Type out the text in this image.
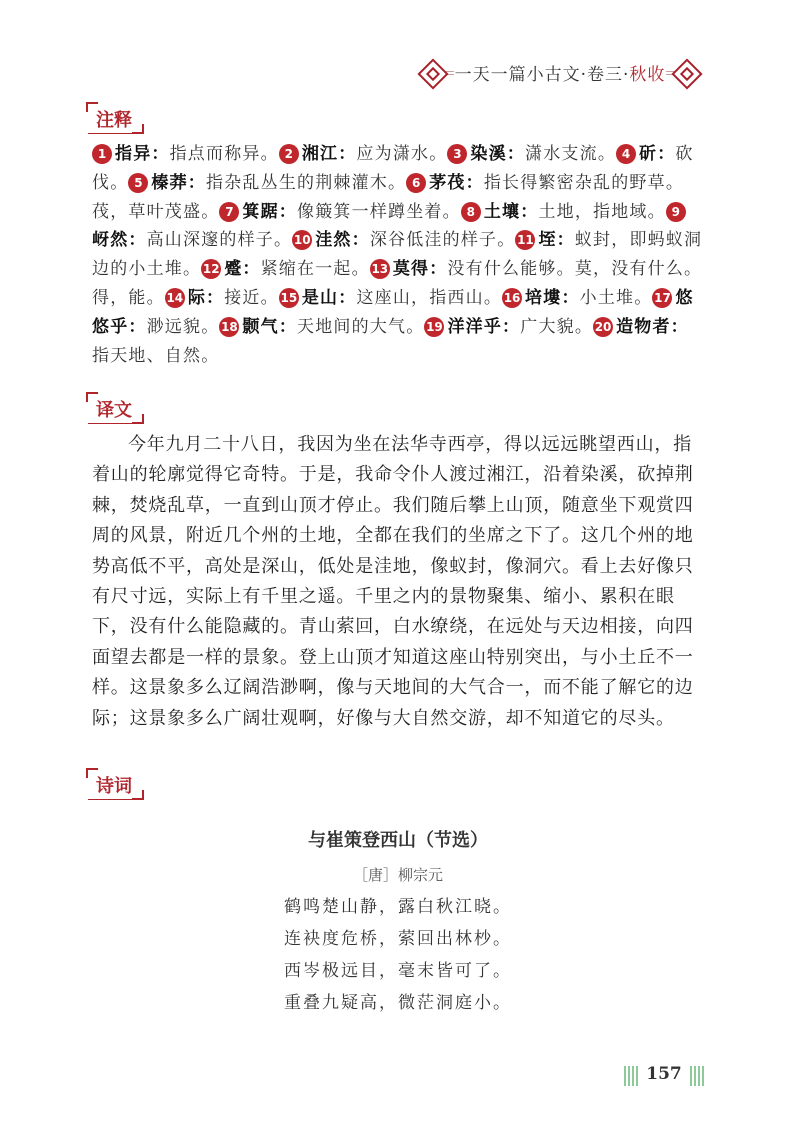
一天一篇小古文·卷三·秋收
注释
1 指异：指点而称异。 2 湘江：应为潇水。 3 染溪：潇水支流。 4 斫：砍伐。 5 榛莽：指杂乱丛生的荆棘灌木。 6 茅茷：指长得繁密杂乱的野草。茷，草叶茂盛。 7 箕踞：像簸箕一样蹲坐着。 8 土壤：土地，指地域。 9岈然：高山深邃的样子。 10 洼然：深谷低洼的样子。 11 垤：蚁封，即蚂蚁洞边的小土堆。 12 蹙：紧缩在一起。 13 莫得：没有什么能够。莫，没有什么。得，能。 14 际：接近。 15 是山：这座山，指西山。 16 培塿：小土堆。 17 悠悠乎：渺远貌。 18 颢气：天地间的大气。 19 洋洋乎：广大貌。 20 造物者：指天地、自然。
译文

今年九月二十八日，我因为坐在法华寺西亭，得以远远眺望西山，指着山的轮廓觉得它奇特。于是，我命令仆人渡过湘江，沿着染溪，砍掉荆棘，焚烧乱草，一直到山顶才停止。我们随后攀上山顶，随意坐下观赏四周的风景，附近几个州的土地，全都在我们的坐席之下了。这几个州的地势高低不平，高处是深山，低处是洼地，像蚁封，像洞穴。看上去好像只有尺寸远，实际上有千里之遥。千里之内的景物聚集、缩小、累积在眼下，没有什么能隐藏的。青山萦回，白水缭绕，在远处与天边相接，向四面望去都是一样的景象。登上山顶才知道这座山特别突出，与小土丘不一样。这景象多么辽阔浩渺啊，像与天地间的大气合一，而不能了解它的边际；这景象多么广阔壮观啊，好像与大自然交游，却不知道它的尽头。

诗词
与崔策登西山（节选）
［唐］柳宗元
鹤鸣楚山静，露白秋江晓。
连袂度危桥，萦回出林杪。
西岑极远目，毫末皆可了。
重叠九疑高，微茫洞庭小。
157
